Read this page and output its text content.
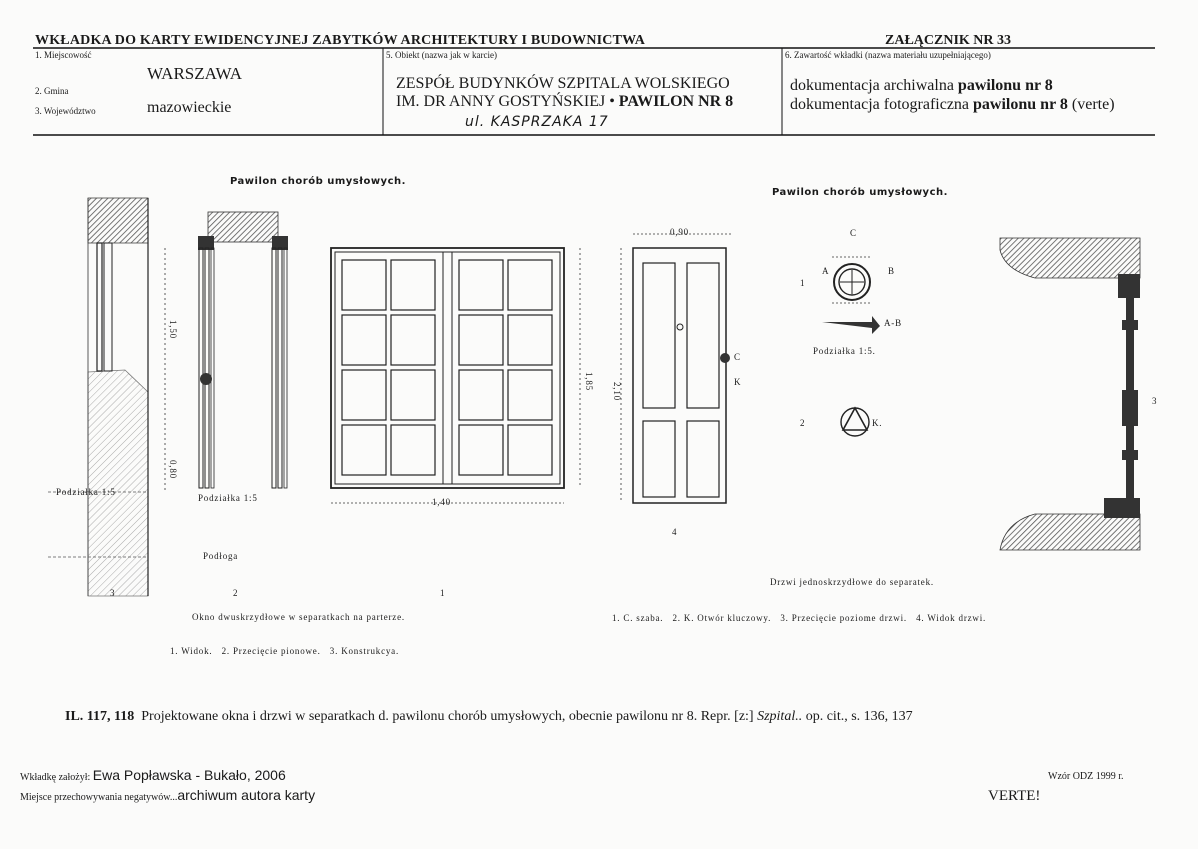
WKŁADKA DO KARTY EWIDENCYJNEJ ZABYTKÓW ARCHITEKTURY I BUDOWNICTWA	ZAŁĄCZNIK NR 33
1. Miejscowość
WARSZAWA
2. Gmina
3. Województwo	mazowieckie
5. Obiekt (nazwa jak w karcie)
ZESPÓŁ BUDYNKÓW SZPITALA WOLSKIEGO
IM. DR ANNY GOSTYŃSKIEJ • PAWILON NR 8
ul. KASPRZAKA 17
6. Zawartość wkładki (nazwa materiału uzupełniającego)
dokumentacja archiwalna pawilonu nr 8
dokumentacja fotograficzna pawilonu nr 8 (verte)
Pawilon chorób umysłowych.
Podziałka 1:5
Podziałka 1:5
Podłoga
1,50
0,80
1,40
1,85
3	2	1
Okno dwuskrzydłowe w separatkach na parterze.
1. Widok.   2. Przecięcie pionowe.   3. Konstrukcya.
Pawilon chorób umysłowych.
C
A	B
A-B
Podziałka 1:5.
K.
C
K
0,90
2,10
1
2
3
4
Drzwi jednoskrzydłowe do separatek.
1. C. szaba.   2. K. Otwór kluczowy.   3. Przecięcie poziome drzwi.   4. Widok drzwi.
IL. 117, 118  Projektowane okna i drzwi w separatkach d. pawilonu chorób umysłowych, obecnie pawilonu nr 8. Repr. [z:] Szpital.. op. cit., s. 136, 137
Wkładkę założył: Ewa Popławska - Bukało, 2006
Miejsce przechowywania negatywów...archiwum autora karty
Wzór ODZ 1999 r.
VERTE!
